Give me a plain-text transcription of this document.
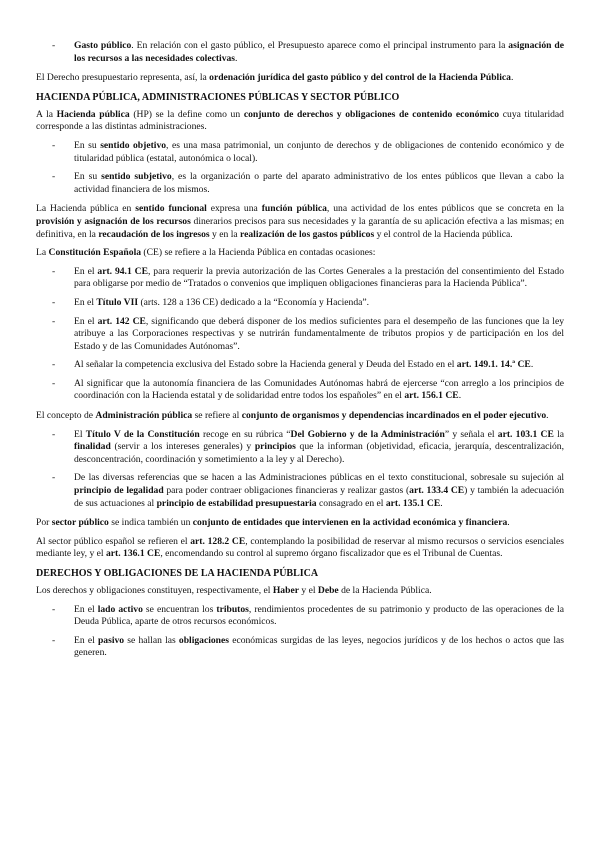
- Gasto público. En relación con el gasto público, el Presupuesto aparece como el principal instrumento para la asignación de los recursos a las necesidades colectivas.

El Derecho presupuestario representa, así, la ordenación jurídica del gasto público y del control de la Hacienda Pública.

HACIENDA PÚBLICA, ADMINISTRACIONES PÚBLICAS Y SECTOR PÚBLICO

A la Hacienda pública (HP) se la define como un conjunto de derechos y obligaciones de contenido económico cuya titularidad corresponde a las distintas administraciones.

- En su sentido objetivo, es una masa patrimonial, un conjunto de derechos y de obligaciones de contenido económico y de titularidad pública (estatal, autonómica o local).
- En su sentido subjetivo, es la organización o parte del aparato administrativo de los entes públicos que llevan a cabo la actividad financiera de los mismos.

La Hacienda pública en sentido funcional expresa una función pública, una actividad de los entes públicos que se concreta en la provisión y asignación de los recursos dinerarios precisos para sus necesidades y la garantía de su aplicación efectiva a las mismas; en definitiva, en la recaudación de los ingresos y en la realización de los gastos públicos y el control de la Hacienda pública.

La Constitución Española (CE) se refiere a la Hacienda Pública en contadas ocasiones:

- En el art. 94.1 CE, para requerir la previa autorización de las Cortes Generales a la prestación del consentimiento del Estado para obligarse por medio de “Tratados o convenios que impliquen obligaciones financieras para la Hacienda Pública”.
- En el Título VII (arts. 128 a 136 CE) dedicado a la “Economía y Hacienda”.
- En el art. 142 CE, significando que deberá disponer de los medios suficientes para el desempeño de las funciones que la ley atribuye a las Corporaciones respectivas y se nutrirán fundamentalmente de tributos propios y de participación en los del Estado y de las Comunidades Autónomas”.
- Al señalar la competencia exclusiva del Estado sobre la Hacienda general y Deuda del Estado en el art. 149.1. 14.ª CE.
- Al significar que la autonomía financiera de las Comunidades Autónomas habrá de ejercerse “con arreglo a los principios de coordinación con la Hacienda estatal y de solidaridad entre todos los españoles” en el art. 156.1 CE.

El concepto de Administración pública se refiere al conjunto de organismos y dependencias incardinados en el poder ejecutivo.

- El Título V de la Constitución recoge en su rúbrica “Del Gobierno y de la Administración” y señala el art. 103.1 CE la finalidad (servir a los intereses generales) y principios que la informan (objetividad, eficacia, jerarquía, descentralización, desconcentración, coordinación y sometimiento a la ley y al Derecho).
- De las diversas referencias que se hacen a las Administraciones públicas en el texto constitucional, sobresale su sujeción al principio de legalidad para poder contraer obligaciones financieras y realizar gastos (art. 133.4 CE) y también la adecuación de sus actuaciones al principio de estabilidad presupuestaria consagrado en el art. 135.1 CE.

Por sector público se indica también un conjunto de entidades que intervienen en la actividad económica y financiera.

Al sector público español se refieren el art. 128.2 CE, contemplando la posibilidad de reservar al mismo recursos o servicios esenciales mediante ley, y el art. 136.1 CE, encomendando su control al supremo órgano fiscalizador que es el Tribunal de Cuentas.

DERECHOS Y OBLIGACIONES DE LA HACIENDA PÚBLICA

Los derechos y obligaciones constituyen, respectivamente, el Haber y el Debe de la Hacienda Pública.

- En el lado activo se encuentran los tributos, rendimientos procedentes de su patrimonio y producto de las operaciones de la Deuda Pública, aparte de otros recursos económicos.
- En el pasivo se hallan las obligaciones económicas surgidas de las leyes, negocios jurídicos y de los hechos o actos que las generen.
